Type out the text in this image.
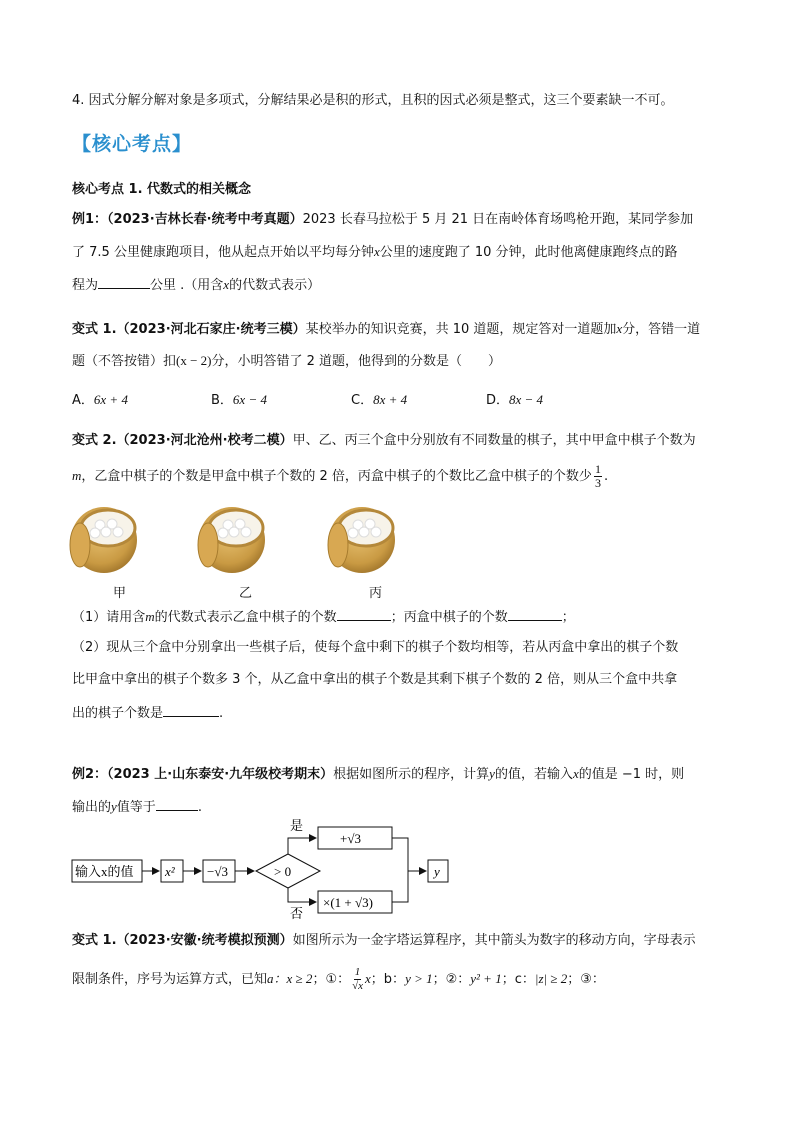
4. 因式分解分解对象是多项式，分解结果必是积的形式，且积的因式必须是整式，这三个要素缺一不可。
【核心考点】
核心考点 1. 代数式的相关概念
例1：（2023·吉林长春·统考中考真题）2023 长春马拉松于 5 月 21 日在南岭体育场鸣枪开跑，某同学参加
了 7.5 公里健康跑项目，他从起点开始以平均每分钟x公里的速度跑了 10 分钟，此时他离健康跑终点的路
程为	公里 .（用含x的代数式表示）
变式 1.（2023·河北石家庄·统考三模）某校举办的知识竞赛，共 10 道题，规定答对一道题加x分，答错一道
题（不答按错）扣(x − 2)分，小明答错了 2 道题，他得到的分数是（　　）
A．6x + 4	B．6x − 4	C．8x + 4	D．8x − 4
变式 2.（2023·河北沧州·校考二模）甲、乙、丙三个盒中分别放有不同数量的棋子，其中甲盒中棋子个数为
m，乙盒中棋子的个数是甲盒中棋子个数的 2 倍，丙盒中棋子的个数比乙盒中棋子的个数少 $\frac{1}{3}$ .
甲	乙	丙
（1）请用含m的代数式表示乙盒中棋子的个数	；丙盒中棋子的个数	；
（2）现从三个盒中分别拿出一些棋子后，使每个盒中剩下的棋子个数均相等，若从丙盒中拿出的棋子个数
比甲盒中拿出的棋子个数多 3 个，从乙盒中拿出的棋子个数是其剩下棋子个数的 2 倍，则从三个盒中共拿
出的棋子个数是	.
例2：（2023 上·山东泰安·九年级校考期末）根据如图所示的程序，计算y的值，若输入x的值是 −1 时，则
输出的y值等于	.
输入x的值 x² −√3	> 0
是
否
+√3
×(1 + √3)
y
变式 1.（2023·安徽·统考模拟预测）如图所示为一金字塔运算程序，其中箭头为数字的移动方向，字母表示
限制条件，序号为运算方式，已知a：x ≥ 2；①： $\frac{1}{√x}$ x；b：y > 1；②：y² + 1；c：|z| ≥ 2；③：
